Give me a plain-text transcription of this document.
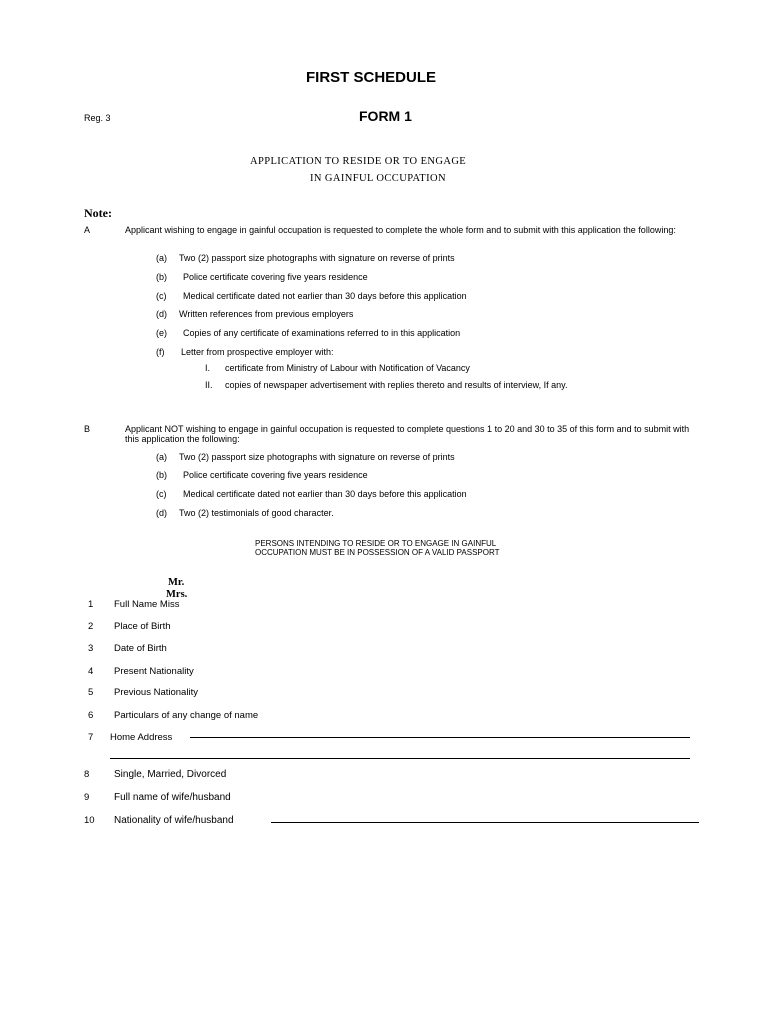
FIRST SCHEDULE
Reg. 3	FORM 1
APPLICATION TO RESIDE OR TO ENGAGE
IN GAINFUL OCCUPATION
Note:
A	Applicant wishing to engage in gainful occupation is requested to complete the whole form and to submit with this application the following:
(a) Two (2) passport size photographs with signature on reverse of prints
(b) Police certificate covering five years residence
(c) Medical certificate dated not earlier than 30 days before this application
(d) Written references from previous employers
(e) Copies of any certificate of examinations referred to in this application
(f) Letter from prospective employer with:
I. certificate from Ministry of Labour with Notification of Vacancy
II. copies of newspaper advertisement with replies thereto and results of interview, If any.
B	Applicant NOT wishing to engage in gainful occupation is requested to complete questions 1 to 20 and 30 to 35 of this form and to submit with this application the following:
(a) Two (2) passport size photographs with signature on reverse of prints
(b) Police certificate covering five years residence
(c) Medical certificate dated not earlier than 30 days before this application
(d) Two (2) testimonials of good character.
PERSONS INTENDING TO RESIDE OR TO ENGAGE IN GAINFUL
OCCUPATION MUST BE IN POSSESSION OF A VALID PASSPORT
Mr.
Mrs.
1 Full Name Miss
2 Place of Birth
3 Date of Birth
4 Present Nationality
5 Previous Nationality
6 Particulars of any change of name
7 Home Address
8 Single, Married, Divorced
9 Full name of wife/husband
10 Nationality of wife/husband
